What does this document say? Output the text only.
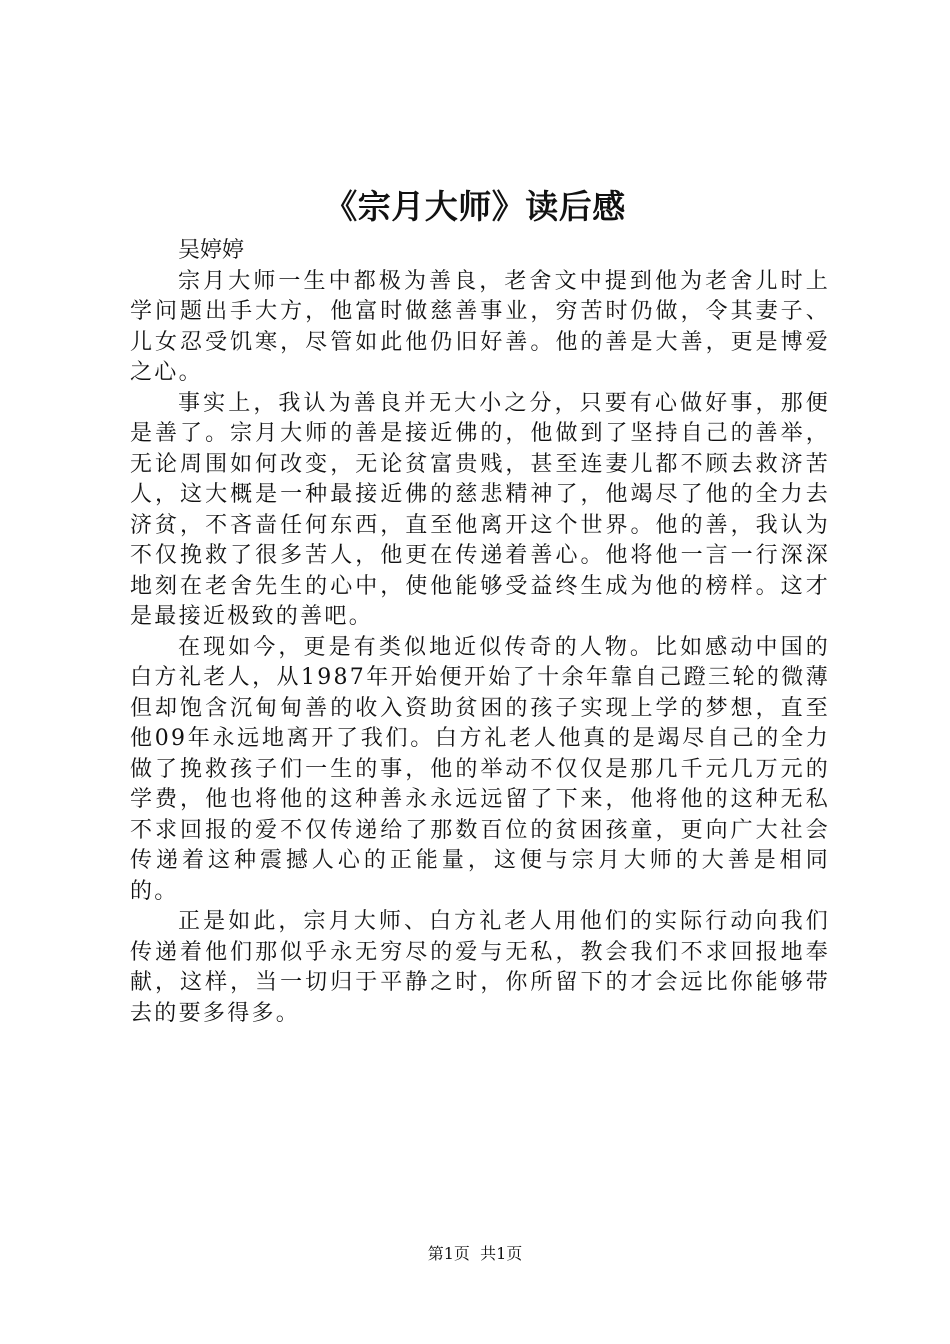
《宗月大师》读后感

吴婷婷

宗月大师一生中都极为善良，老舍文中提到他为老舍儿时上学问题出手大方，他富时做慈善事业，穷苦时仍做，令其妻子、儿女忍受饥寒，尽管如此他仍旧好善。他的善是大善，更是博爱之心。

事实上，我认为善良并无大小之分，只要有心做好事，那便是善了。宗月大师的善是接近佛的，他做到了坚持自己的善举，无论周围如何改变，无论贫富贵贱，甚至连妻儿都不顾去救济苦人，这大概是一种最接近佛的慈悲精神了，他竭尽了他的全力去济贫，不吝啬任何东西，直至他离开这个世界。他的善，我认为不仅挽救了很多苦人，他更在传递着善心。他将他一言一行深深地刻在老舍先生的心中，使他能够受益终生成为他的榜样。这才是最接近极致的善吧。

在现如今，更是有类似地近似传奇的人物。比如感动中国的白方礼老人，从1987年开始便开始了十余年靠自己蹬三轮的微薄但却饱含沉甸甸善的收入资助贫困的孩子实现上学的梦想，直至他09年永远地离开了我们。白方礼老人他真的是竭尽自己的全力做了挽救孩子们一生的事，他的举动不仅仅是那几千元几万元的学费，他也将他的这种善永永远远留了下来，他将他的这种无私不求回报的爱不仅传递给了那数百位的贫困孩童，更向广大社会传递着这种震撼人心的正能量，这便与宗月大师的大善是相同的。

正是如此，宗月大师、白方礼老人用他们的实际行动向我们传递着他们那似乎永无穷尽的爱与无私，教会我们不求回报地奉献，这样，当一切归于平静之时，你所留下的才会远比你能够带去的要多得多。

第1页  共1页
